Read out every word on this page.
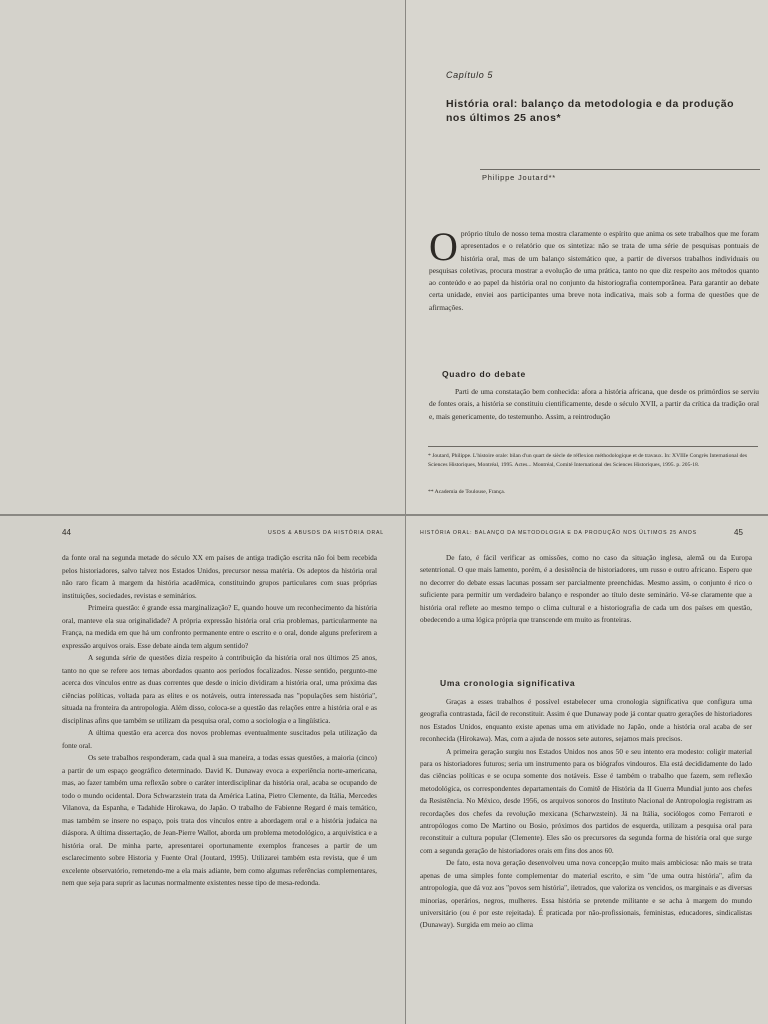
Capítulo 5
História oral: balanço da metodologia e da produção nos últimos 25 anos*
Philippe Joutard**

Opróprio título de nosso tema mostra claramente o espírito que anima os sete trabalhos que me foram apresentados e o relatório que os sintetiza: não se trata de uma série de pesquisas pontuais de história oral, mas de um balanço sistemático que, a partir de diversos trabalhos individuais ou pesquisas coletivas, procura mostrar a evolução de uma prática, tanto no que diz respeito aos métodos quanto ao conteúdo e ao papel da história oral no conjunto da historiografia contemporânea. Para garantir ao debate certa unidade, enviei aos participantes uma breve nota indicativa, mais sob a forma de questões que de afirmações.

Quadro do debate

Parti de uma constatação bem conhecida: afora a história africana, que desde os primórdios se serviu de fontes orais, a história se constituiu cientificamente, desde o século XVII, a partir da crítica da tradição oral e, mais genericamente, do testemunho. Assim, a reintrodução

* Joutard, Philippe. L'histoire orale: bilan d'un quart de siècle de réflexion méthodologique et de travaux. In: XVIIIe Congrès International des Sciences Historiques, Montréal, 1995. Actes... Montréal, Comité International des Sciences Historiques, 1995. p. 205-18.

** Academia de Toulouse, França.

44	USOS & ABUSOS DA HISTÓRIA ORAL

da fonte oral na segunda metade do século XX em países de antiga tradição escrita não foi bem recebida pelos historiadores, salvo talvez nos Estados Unidos, precursor nessa matéria. Os adeptos da história oral não raro ficam à margem da história acadêmica, constituindo grupos particulares com suas próprias instituições, sociedades, revistas e seminários.

Primeira questão: é grande essa marginalização? E, quando houve um reconhecimento da história oral, manteve ela sua originalidade? A própria expressão história oral cria problemas, particularmente na França, na medida em que há um confronto permanente entre o escrito e o oral, donde alguns preferirem a expressão arquivos orais. Esse debate ainda tem algum sentido?

A segunda série de questões dizia respeito à contribuição da história oral nos últimos 25 anos, tanto no que se refere aos temas abordados quanto aos períodos focalizados. Nesse sentido, pergunto-me acerca dos vínculos entre as duas correntes que desde o início dividiram a história oral, uma próxima das ciências políticas, voltada para as elites e os notáveis, outra interessada nas "populações sem história", situada na fronteira da antropologia. Além disso, coloca-se a questão das relações entre a história oral e as disciplinas afins que também se utilizam da pesquisa oral, como a sociologia e a lingüística.

A última questão era acerca dos novos problemas eventualmente suscitados pela utilização da fonte oral.

Os sete trabalhos responderam, cada qual à sua maneira, a todas essas questões, a maioria (cinco) a partir de um espaço geográfico determinado. David K. Dunaway evoca a experiência norte-americana, mas, ao fazer também uma reflexão sobre o caráter interdisciplinar da história oral, acaba se ocupando de todo o mundo ocidental. Dora Schwarzstein trata da América Latina, Pietro Clemente, da Itália, Mercedes Vilanova, da Espanha, e Tadahide Hirokawa, do Japão. O trabalho de Fabienne Regard é mais temático, mas também se insere no espaço, pois trata dos vínculos entre a abordagem oral e a história judaica na diáspora. A última dissertação, de Jean-Pierre Wallot, aborda um problema metodológico, a arquivística e a história oral. De minha parte, apresentarei oportunamente exemplos franceses a partir de um esclarecimento sobre Historia y Fuente Oral (Joutard, 1995). Utilizarei também esta revista, que é um excelente observatório, remetendo-me a ela mais adiante, bem como algumas referências complementares, nem que seja para suprir as lacunas normalmente existentes nesse tipo de mesa-redonda.

HISTÓRIA ORAL: BALANÇO DA METODOLOGIA E DA PRODUÇÃO NOS ÚLTIMOS 25 ANOS	45

De fato, é fácil verificar as omissões, como no caso da situação inglesa, alemã ou da Europa setentrional. O que mais lamento, porém, é a desistência de historiadores, um russo e outro africano. Espero que no decorrer do debate essas lacunas possam ser parcialmente preenchidas. Mesmo assim, o conjunto é rico o suficiente para permitir um verdadeiro balanço e responder ao título deste seminário. Vê-se claramente que a história oral reflete ao mesmo tempo o clima cultural e a historiografia de cada um dos países em questão, obedecendo a uma lógica própria que transcende em muito as fronteiras.

Uma cronologia significativa

Graças a esses trabalhos é possível estabelecer uma cronologia significativa que configura uma geografia contrastada, fácil de reconstituir. Assim é que Dunaway pode já contar quatro gerações de historiadores nos Estados Unidos, enquanto existe apenas uma em atividade no Japão, onde a história oral acaba de ser reconhecida (Hirokawa). Mas, com a ajuda de nossos sete autores, sejamos mais precisos.

A primeira geração surgiu nos Estados Unidos nos anos 50 e seu intento era modesto: coligir material para os historiadores futuros; seria um instrumento para os biógrafos vindouros. Ela está decididamente do lado das ciências políticas e se ocupa somente dos notáveis. Esse é também o trabalho que fazem, sem reflexão metodológica, os correspondentes departamentais do Comitê de História da II Guerra Mundial junto aos chefes da Resistência. No México, desde 1956, os arquivos sonoros do Instituto Nacional de Antropologia registram as recordações dos chefes da revolução mexicana (Scharwzstein). Já na Itália, sociólogos como Ferraroti e antropólogos como De Martino ou Bosio, próximos dos partidos de esquerda, utilizam a pesquisa oral para reconstituir a cultura popular (Clemente). Eles são os precursores da segunda forma de história oral que surge com a segunda geração de historiadores orais em fins dos anos 60.

De fato, esta nova geração desenvolveu uma nova concepção muito mais ambiciosa: não mais se trata apenas de uma simples fonte complementar do material escrito, e sim "de uma outra história", afim da antropologia, que dá voz aos "povos sem história", iletrados, que valoriza os vencidos, os marginais e as diversas minorias, operários, negros, mulheres. Essa história se pretende militante e se acha à margem do mundo universitário (ou é por este rejeitada). É praticada por não-profissionais, feministas, educadores, sindicalistas (Dunaway). Surgida em meio ao clima
